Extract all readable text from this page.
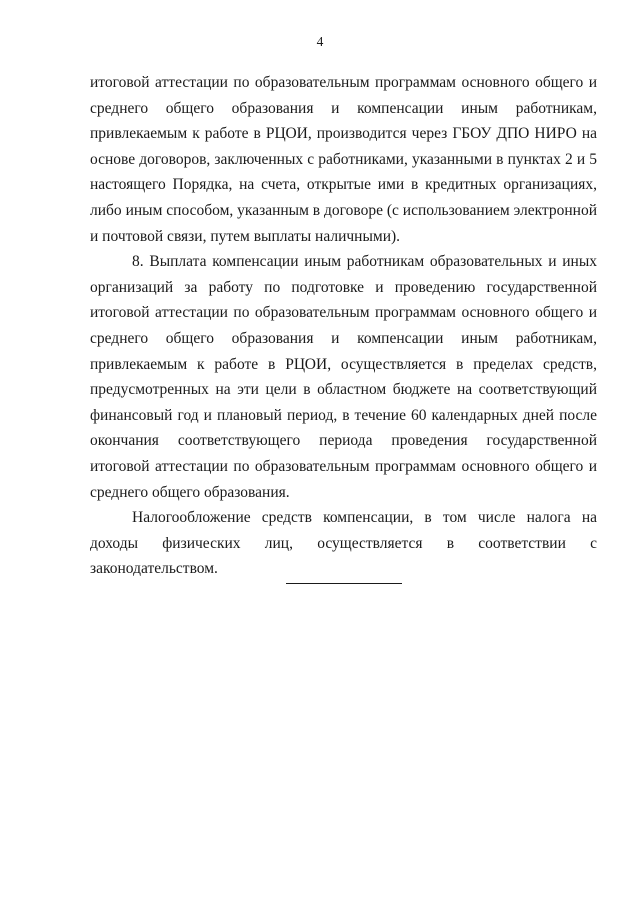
4

итоговой аттестации по образовательным программам основного общего и среднего общего образования и компенсации иным работникам, привлекаемым к работе в РЦОИ, производится через ГБОУ ДПО НИРО на основе договоров, заключенных с работниками, указанными в пунктах 2 и 5 настоящего Порядка, на счета, открытые ими в кредитных организациях, либо иным способом, указанным в договоре (с использованием электронной и почтовой связи, путем выплаты наличными).

8. Выплата компенсации иным работникам образовательных и иных организаций за работу по подготовке и проведению государственной итоговой аттестации по образовательным программам основного общего и среднего общего образования и компенсации иным работникам, привлекаемым к работе в РЦОИ, осуществляется в пределах средств, предусмотренных на эти цели в областном бюджете на соответствующий финансовый год и плановый период, в течение 60 календарных дней после окончания соответствующего периода проведения государственной итоговой аттестации по образовательным программам основного общего и среднего общего образования.

Налогообложение средств компенсации, в том числе налога на доходы физических лиц, осуществляется в соответствии с законодательством.
